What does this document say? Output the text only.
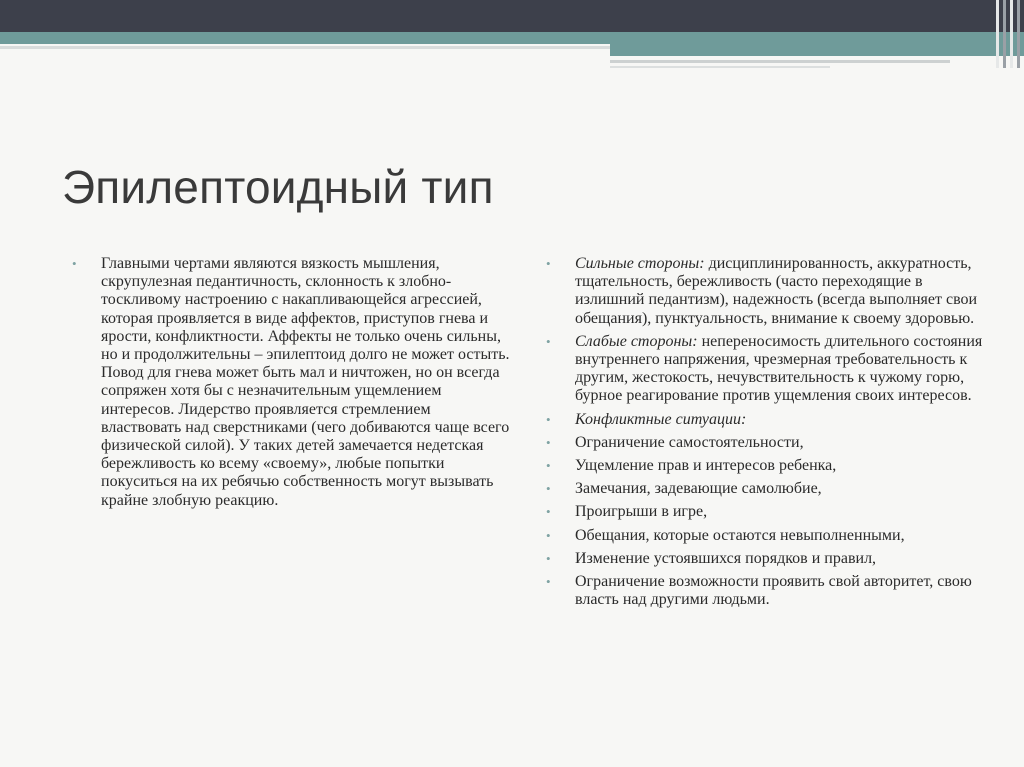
Эпилептоидный тип
• Главными чертами являются вязкость мышления, скрупулезная педантичность, склонность к злобно-тоскливому настроению с накапливающейся агрессией, которая проявляется в виде аффектов, приступов гнева и ярости, конфликтности. Аффекты не только очень сильны, но и продолжительны – эпилептоид долго не может остыть. Повод для гнева может быть мал и ничтожен, но он всегда сопряжен хотя бы с незначительным ущемлением интересов. Лидерство проявляется стремлением властвовать над сверстниками (чего добиваются чаще всего физической силой). У таких детей замечается недетская бережливость ко всему «своему», любые попытки покуситься на их ребячью собственность могут вызывать крайне злобную реакцию.
• Сильные стороны: дисциплинированность, аккуратность, тщательность, бережливость (часто переходящие в излишний педантизм), надежность (всегда выполняет свои обещания), пунктуальность, внимание к своему здоровью.
• Слабые стороны: непереносимость длительного состояния внутреннего напряжения, чрезмерная требовательность к другим, жестокость, нечувствительность к чужому горю, бурное реагирование против ущемления своих интересов.
• Конфликтные ситуации:
• Ограничение самостоятельности,
• Ущемление прав и интересов ребенка,
• Замечания, задевающие самолюбие,
• Проигрыши в игре,
• Обещания, которые остаются невыполненными,
• Изменение устоявшихся порядков и правил,
• Ограничение возможности проявить свой авторитет, свою власть над другими людьми.
